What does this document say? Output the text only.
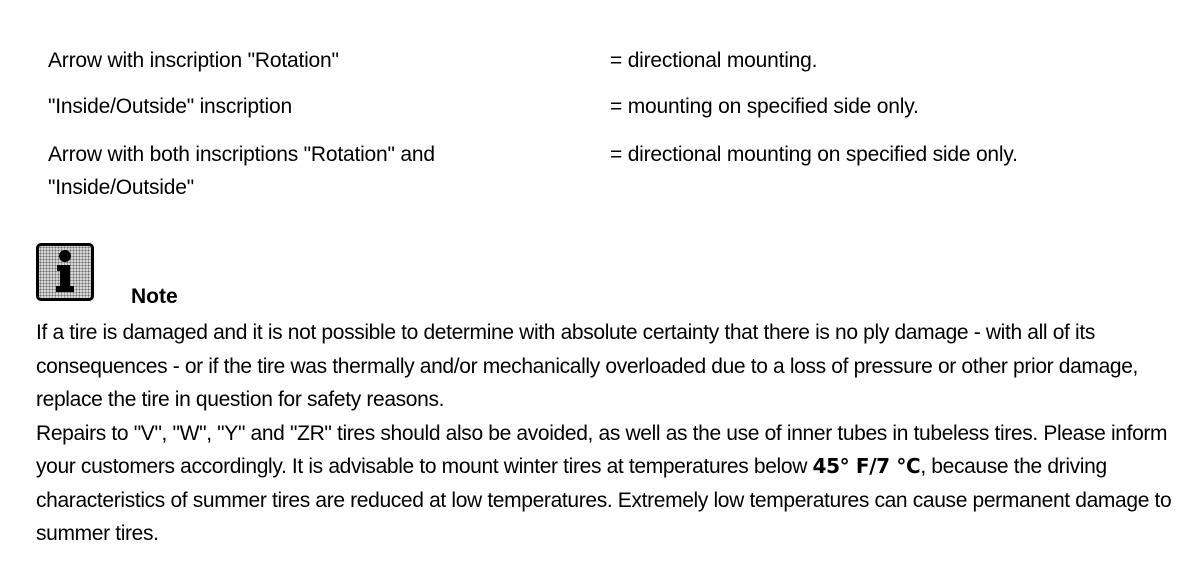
Arrow with inscription "Rotation"	= directional mounting.
"Inside/Outside" inscription	= mounting on specified side only.
Arrow with both inscriptions "Rotation" and
"Inside/Outside"
= directional mounting on specified side only.
Note

If a tire is damaged and it is not possible to determine with absolute certainty that there is no ply damage - with all of its consequences - or if the tire was thermally and/or mechanically overloaded due to a loss of pressure or other prior damage, replace the tire in question for safety reasons.

Repairs to "V", "W", "Y" and "ZR" tires should also be avoided, as well as the use of inner tubes in tubeless tires. Please inform your customers accordingly. It is advisable to mount winter tires at temperatures below 45° F/7 °C, because the driving characteristics of summer tires are reduced at low temperatures. Extremely low temperatures can cause permanent damage to summer tires.
